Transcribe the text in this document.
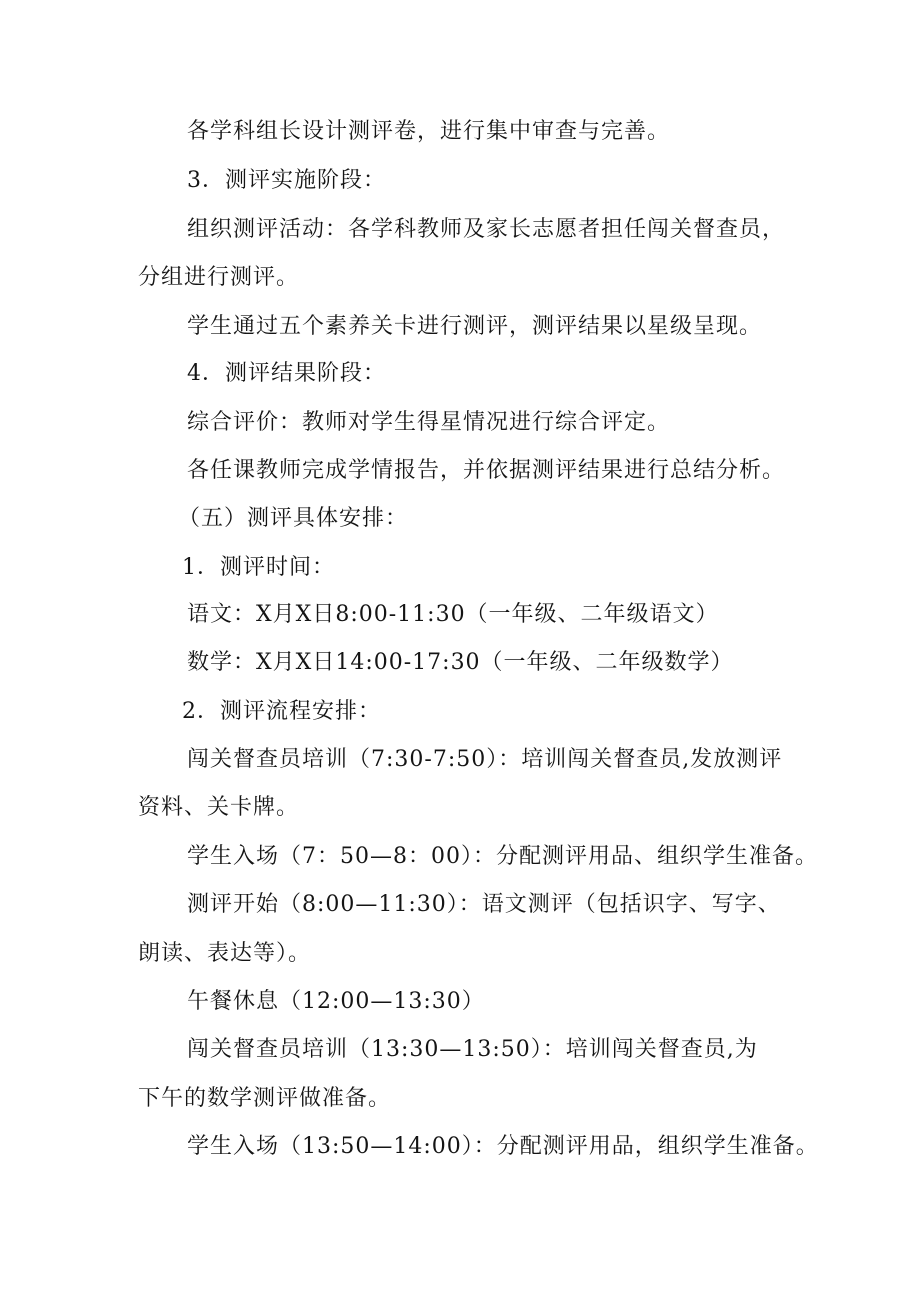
各学科组长设计测评卷，进行集中审查与完善。
3．测评实施阶段：
组织测评活动：各学科教师及家长志愿者担任闯关督查员，
分组进行测评。
学生通过五个素养关卡进行测评，测评结果以星级呈现。
4．测评结果阶段：
综合评价：教师对学生得星情况进行综合评定。
各任课教师完成学情报告，并依据测评结果进行总结分析。
（五）测评具体安排：
1．测评时间：
语文：X月X日8:00-11:30（一年级、二年级语文）
数学：X月X日14:00-17:30（一年级、二年级数学）
2．测评流程安排：
闯关督查员培训（7:30-7:50）：培训闯关督查员,发放测评
资料、关卡牌。
学生入场（7：50—8：00）：分配测评用品、组织学生准备。
测评开始（8:00—11:30）：语文测评（包括识字、写字、
朗读、表达等）。
午餐休息（12:00—13:30）
闯关督查员培训（13:30—13:50）：培训闯关督查员,为
下午的数学测评做准备。
学生入场（13:50—14:00）：分配测评用品，组织学生准备。
